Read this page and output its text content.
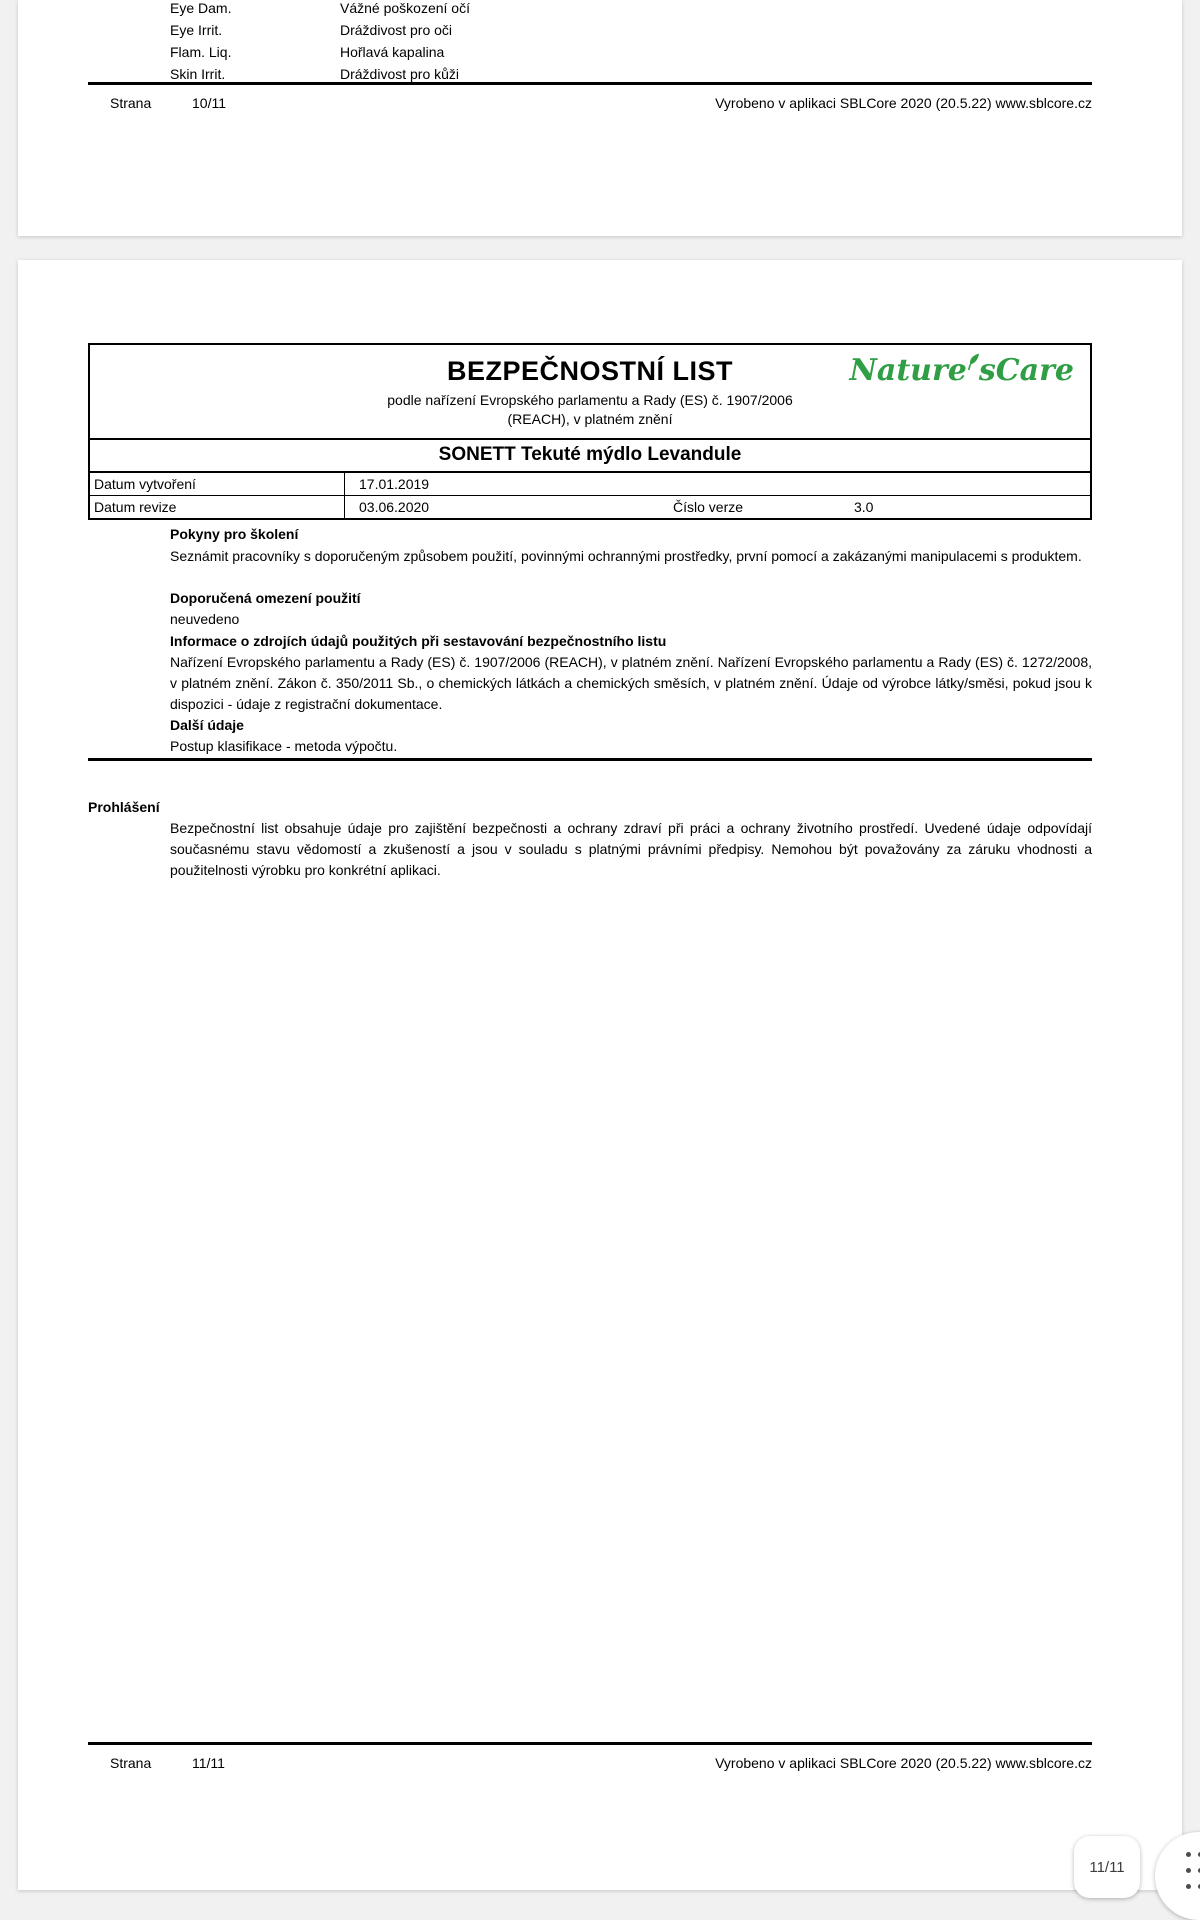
Eye Dam.	Vážné poškození očí
Eye Irrit.	Dráždivost pro oči
Flam. Liq.	Hořlavá kapalina
Skin Irrit.	Dráždivost pro kůži
Strana	10/11	Vyrobeno v aplikaci SBLCore 2020 (20.5.22) www.sblcore.cz
BEZPEČNOSTNÍ LIST
podle nařízení Evropského parlamentu a Rady (ES) č. 1907/2006
(REACH), v platném znění
Nature sCare
SONETT Tekuté mýdlo Levandule
Datum vytvoření	17.01.2019
Datum revize	03.06.2020	Číslo verze	3.0
Pokyny pro školení
Seznámit pracovníky s doporučeným způsobem použití, povinnými ochrannými prostředky, první pomocí a zakázanými manipulacemi s produktem.
Doporučená omezení použití
neuvedeno
Informace o zdrojích údajů použitých při sestavování bezpečnostního listu
Nařízení Evropského parlamentu a Rady (ES) č. 1907/2006 (REACH), v platném znění. Nařízení Evropského parlamentu a Rady (ES) č. 1272/2008, v platném znění. Zákon č. 350/2011 Sb., o chemických látkách a chemických směsích, v platném znění. Údaje od výrobce látky/směsi, pokud jsou k dispozici - údaje z registrační dokumentace.
Další údaje
Postup klasifikace - metoda výpočtu.
Prohlášení
Bezpečnostní list obsahuje údaje pro zajištění bezpečnosti a ochrany zdraví při práci a ochrany životního prostředí. Uvedené údaje odpovídají současnému stavu vědomostí a zkušeností a jsou v souladu s platnými právními předpisy. Nemohou být považovány za záruku vhodnosti a použitelnosti výrobku pro konkrétní aplikaci.
Strana	11/11	Vyrobeno v aplikaci SBLCore 2020 (20.5.22) www.sblcore.cz
11/11
